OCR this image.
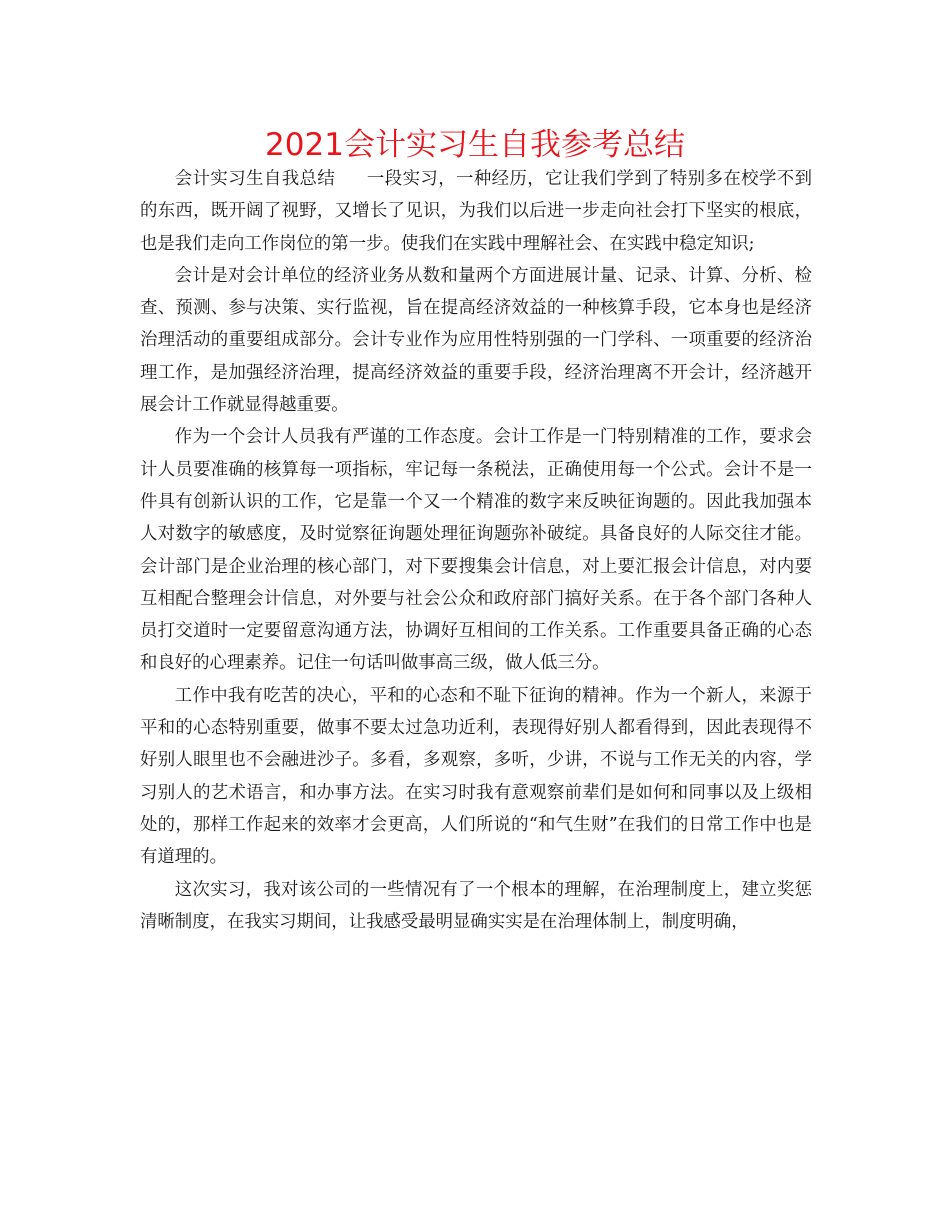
2021会计实习生自我参考总结

会计实习生自我总结 一段实习，一种经历，它让我们学到了特别多在校学不到的东西，既开阔了视野，又增长了见识，为我们以后进一步走向社会打下坚实的根底，也是我们走向工作岗位的第一步。使我们在实践中理解社会、在实践中稳定知识;

会计是对会计单位的经济业务从数和量两个方面进展计量、记录、计算、分析、检查、预测、参与决策、实行监视，旨在提高经济效益的一种核算手段，它本身也是经济治理活动的重要组成部分。会计专业作为应用性特别强的一门学科、一项重要的经济治理工作，是加强经济治理，提高经济效益的重要手段，经济治理离不开会计，经济越开展会计工作就显得越重要。

作为一个会计人员我有严谨的工作态度。会计工作是一门特别精准的工作，要求会计人员要准确的核算每一项指标，牢记每一条税法，正确使用每一个公式。会计不是一件具有创新认识的工作，它是靠一个又一个精准的数字来反映征询题的。因此我加强本人对数字的敏感度，及时觉察征询题处理征询题弥补破绽。具备良好的人际交往才能。会计部门是企业治理的核心部门，对下要搜集会计信息，对上要汇报会计信息，对内要互相配合整理会计信息，对外要与社会公众和政府部门搞好关系。在于各个部门各种人员打交道时一定要留意沟通方法，协调好互相间的工作关系。工作重要具备正确的心态和良好的心理素养。记住一句话叫做事高三级，做人低三分。

工作中我有吃苦的决心，平和的心态和不耻下征询的精神。作为一个新人，来源于平和的心态特别重要，做事不要太过急功近利，表现得好别人都看得到，因此表现得不好别人眼里也不会融进沙子。多看，多观察，多听，少讲，不说与工作无关的内容，学习别人的艺术语言，和办事方法。在实习时我有意观察前辈们是如何和同事以及上级相处的，那样工作起来的效率才会更高，人们所说的“和气生财”在我们的日常工作中也是有道理的。

这次实习，我对该公司的一些情况有了一个根本的理解，在治理制度上，建立奖惩清晰制度，在我实习期间，让我感受最明显确实实是在治理体制上，制度明确，
